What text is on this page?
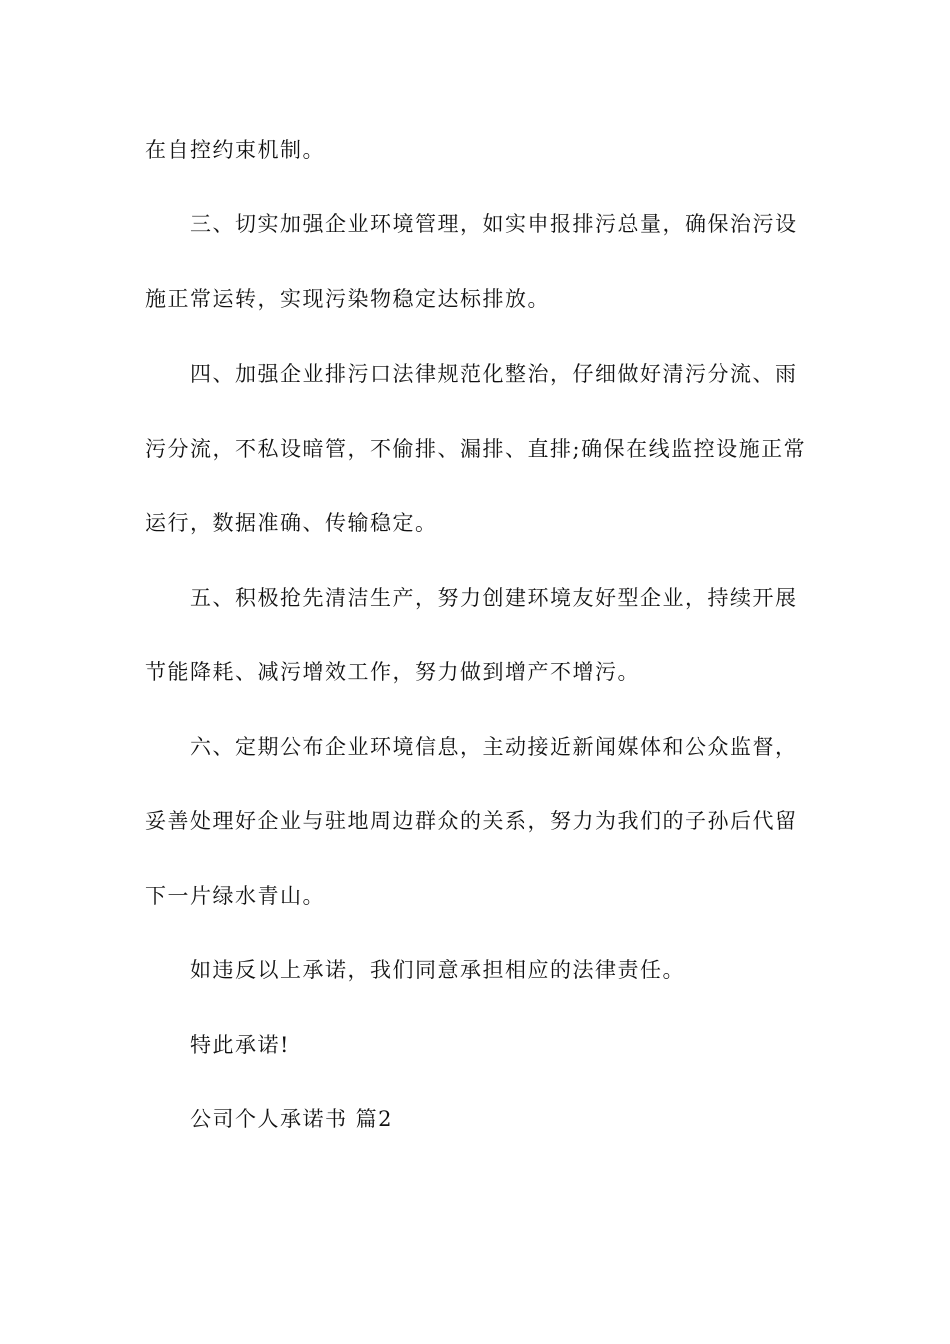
在自控约束机制。
三、切实加强企业环境管理，如实申报排污总量，确保治污设
施正常运转，实现污染物稳定达标排放。
四、加强企业排污口法律规范化整治，仔细做好清污分流、雨
污分流，不私设暗管，不偷排、漏排、直排;确保在线监控设施正常
运行，数据准确、传输稳定。
五、积极抢先清洁生产，努力创建环境友好型企业，持续开展
节能降耗、减污增效工作，努力做到增产不增污。
六、定期公布企业环境信息，主动接近新闻媒体和公众监督，
妥善处理好企业与驻地周边群众的关系，努力为我们的子孙后代留
下一片绿水青山。
如违反以上承诺，我们同意承担相应的法律责任。
特此承诺!
公司个人承诺书 篇2
